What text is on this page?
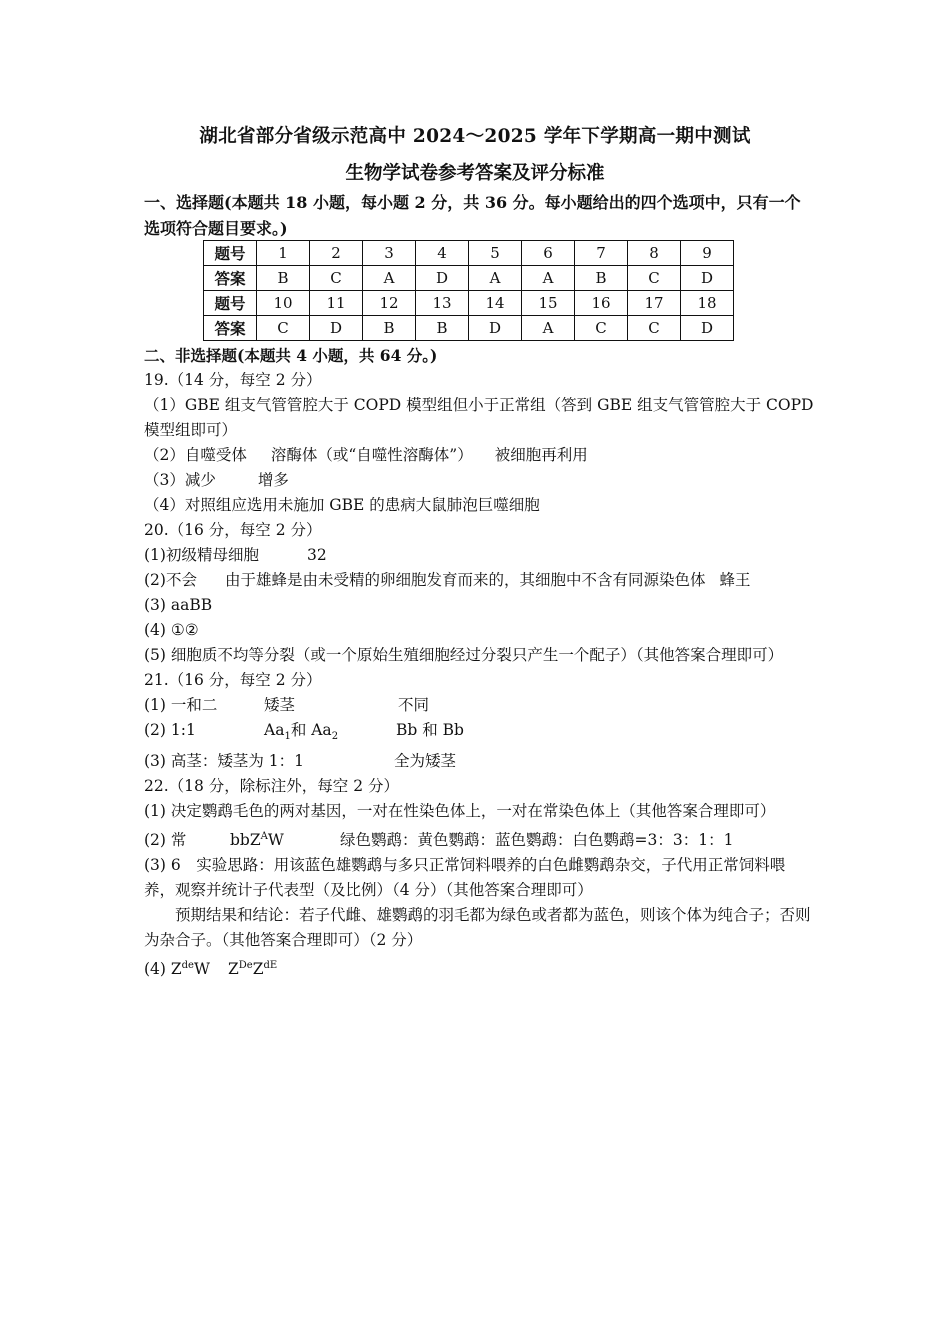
湖北省部分省级示范高中 2024～2025 学年下学期高一期中测试
生物学试卷参考答案及评分标准
一、选择题(本题共 18 小题，每小题 2 分，共 36 分。每小题给出的四个选项中，只有一个选项符合题目要求。)
题号	1	2	3	4	5	6	7	8	9
答案	B	C	A	D	A	A	B	C	D
题号	10	11	12	13	14	15	16	17	18
答案	C	D	B	B	D	A	C	C	D
二、非选择题(本题共 4 小题，共 64 分。)
19.（14 分，每空 2 分）
（1）GBE 组支气管管腔大于 COPD 模型组但小于正常组（答到 GBE 组支气管管腔大于 COPD 模型组即可）
（2）自噬受体 溶酶体（或“自噬性溶酶体”） 被细胞再利用
（3）减少	增多
（4）对照组应选用未施加 GBE 的患病大鼠肺泡巨噬细胞
20.（16 分，每空 2 分）
(1)初级精母细胞	32
(2)不会 由于雄蜂是由未受精的卵细胞发育而来的，其细胞中不含有同源染色体 蜂王
(3) aaBB
(4) ①②
(5) 细胞质不均等分裂（或一个原始生殖细胞经过分裂只产生一个配子）（其他答案合理即可）
21.（16 分，每空 2 分）
(1) 一和二	矮茎	不同
(2) 1:1	$Aa_1$和 $Aa_2$	Bb 和 Bb
(3) 高茎：矮茎为 1：1	全为矮茎
22.（18 分，除标注外，每空 2 分）
(1) 决定鹦鹉毛色的两对基因，一对在性染色体上，一对在常染色体上（其他答案合理即可）
(2) 常	bbZ$^A$W	绿色鹦鹉：黄色鹦鹉：蓝色鹦鹉：白色鹦鹉=3：3：1：1
(3) 6　实验思路：用该蓝色雄鹦鹉与多只正常饲料喂养的白色雌鹦鹉杂交，子代用正常饲料喂养，观察并统计子代表型（及比例）（4 分）（其他答案合理即可）
预期结果和结论：若子代雌、雄鹦鹉的羽毛都为绿色或者都为蓝色，则该个体为纯合子；否则为杂合子。（其他答案合理即可）（2 分）
(4) $Z^{de}W$ $Z^{De}Z^{dE}$
